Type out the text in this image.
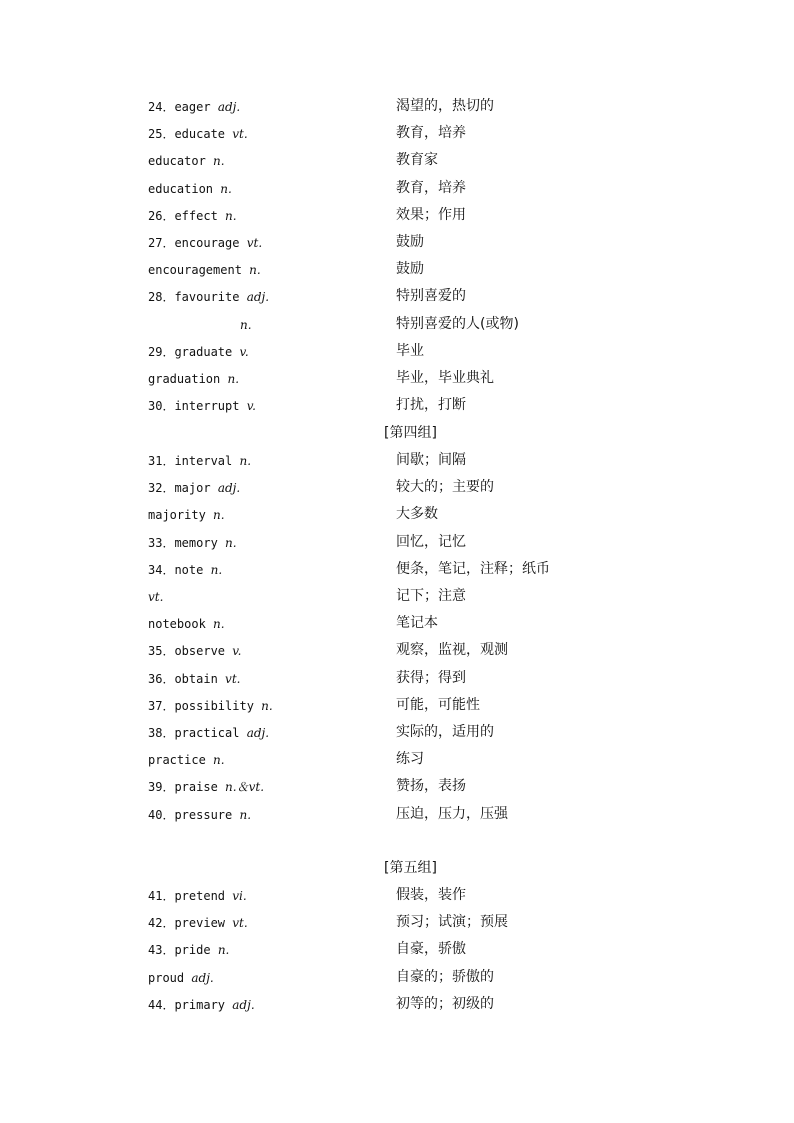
24．eager adj.	渴望的，热切的
25．educate vt.	教育，培养
educator n.	教育家
education n.	教育，培养
26．effect n.	效果；作用
27．encourage vt.	鼓励
encouragement n.	鼓励
28．favourite adj.	特别喜爱的
n.	特别喜爱的人(或物)
29．graduate v.	毕业
graduation n.	毕业，毕业典礼
30．interrupt v.	打扰，打断
[第四组]
31．interval n.	间歇；间隔
32．major adj.	较大的；主要的
majority n.	大多数
33．memory n.	回忆，记忆
34．note n.	便条，笔记，注释；纸币
vt.	记下；注意
notebook n.	笔记本
35．observe v.	观察，监视，观测
36．obtain vt.	获得；得到
37．possibility n.	可能，可能性
38．practical adj.	实际的，适用的
practice n.	练习
39．praise n.＆vt.	赞扬，表扬
40．pressure n.	压迫，压力，压强
[第五组]
41．pretend vi.	假装，装作
42．preview vt.	预习；试演；预展
43．pride n.	自豪，骄傲
proud adj.	自豪的；骄傲的
44．primary adj.	初等的；初级的
